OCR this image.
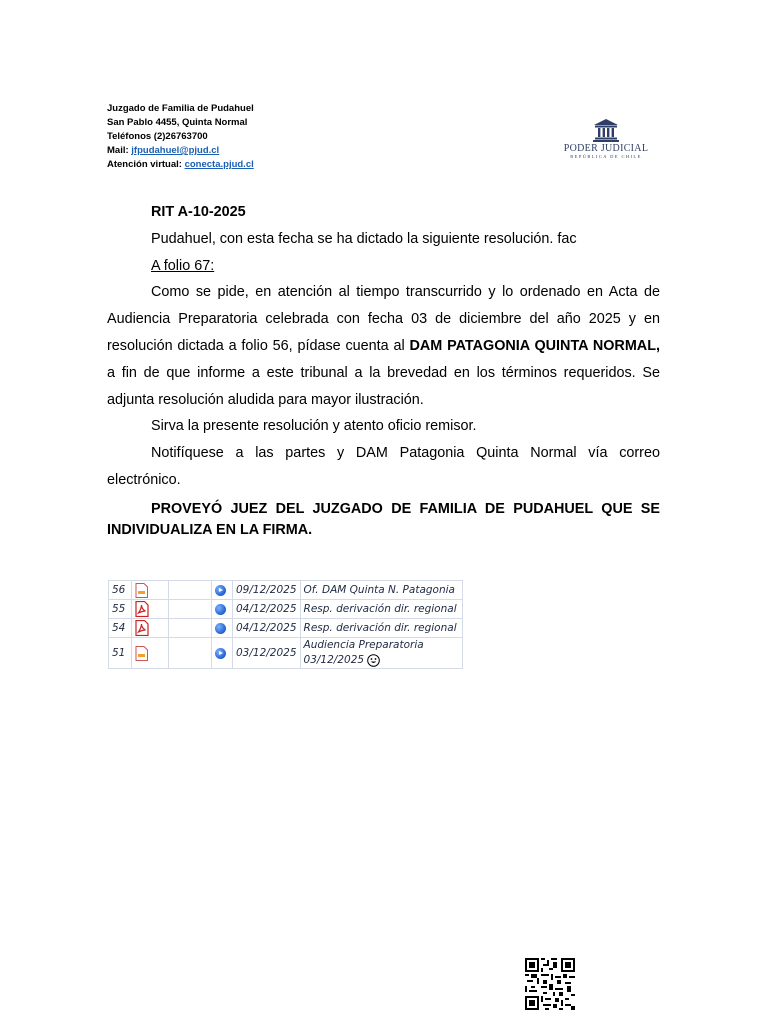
Juzgado de Familia de Pudahuel
San Pablo 4455, Quinta Normal
Teléfonos (2)26763700
Mail: jfpudahuel@pjud.cl
Atención virtual: conecta.pjud.cl
PODER JUDICIAL
REPÚBLICA DE CHILE

RIT A-10-2025

Pudahuel, con esta fecha se ha dictado la siguiente resolución. fac

A folio 67:

Como se pide, en atención al tiempo transcurrido y lo ordenado en Acta de Audiencia Preparatoria celebrada con fecha 03 de diciembre del año 2025 y en resolución dictada a folio 56, pídase cuenta al DAM PATAGONIA QUINTA NORMAL, a fin de que informe a este tribunal a la brevedad en los términos requeridos. Se adjunta resolución aludida para mayor ilustración.

Sirva la presente resolución y atento oficio remisor.

Notifíquese a las partes y DAM Patagonia Quinta Normal vía correo electrónico.

PROVEYÓ JUEZ DEL JUZGADO DE FAMILIA DE PUDAHUEL QUE SE INDIVIDUALIZA EN LA FIRMA.

56				09/12/2025	Of. DAM Quinta N. Patagonia
55				04/12/2025	Resp. derivación dir. regional
54				04/12/2025	Resp. derivación dir. regional
51				03/12/2025	Audiencia Preparatoria
03/12/2025
